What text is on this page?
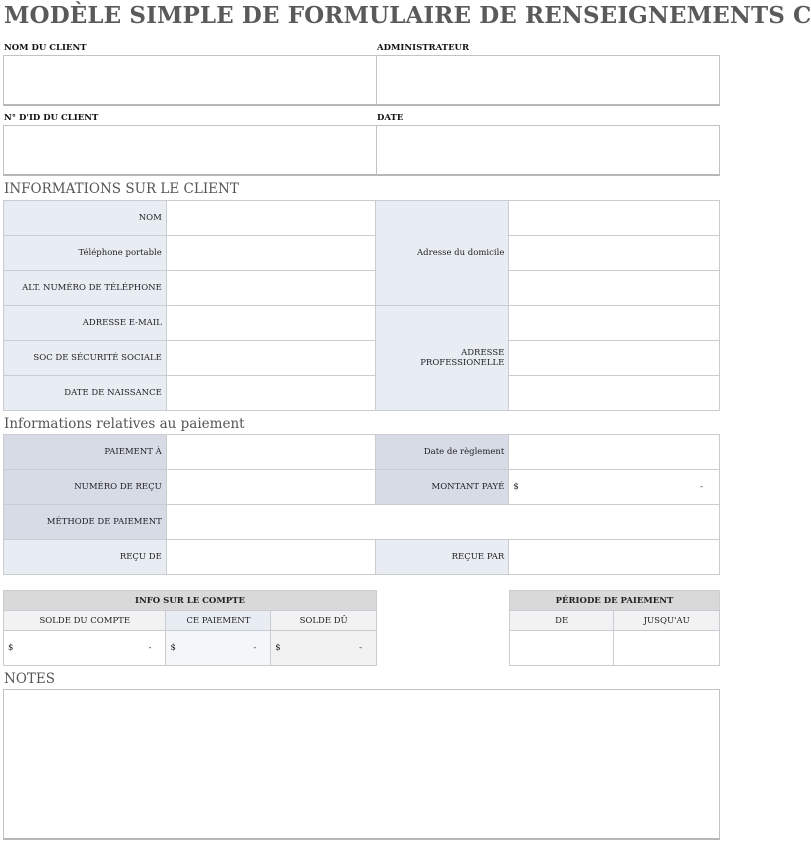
MODÈLE SIMPLE DE FORMULAIRE DE RENSEIGNEMENTS C
NOM DU CLIENT	ADMINISTRATEUR
N° D'ID DU CLIENT	DATE
INFORMATIONS SUR LE CLIENT
NOM		Adresse du domicile	
Téléphone portable			
ALT. NUMÉRO DE TÉLÉPHONE			
ADRESSE E-MAIL		ADRESSE PROFESSIONELLE	
SOC DE SÉCURITÉ SOCIALE			
DATE DE NAISSANCE			
Informations relatives au paiement
PAIEMENT À		Date de règlement	
NUMÉRO DE REÇU		MONTANT PAYÉ	$ -

MÉTHODE DE PAIEMENT			
REÇU DE		REÇUE PAR	
INFO SUR LE COMPTE		
SOLDE DU COMPTE	CE PAIEMENT	SOLDE DÛ

$ -	$ -	$ -
PÉRIODE DE PAIEMENT	
DE	JUSQU'AU

NOTES
